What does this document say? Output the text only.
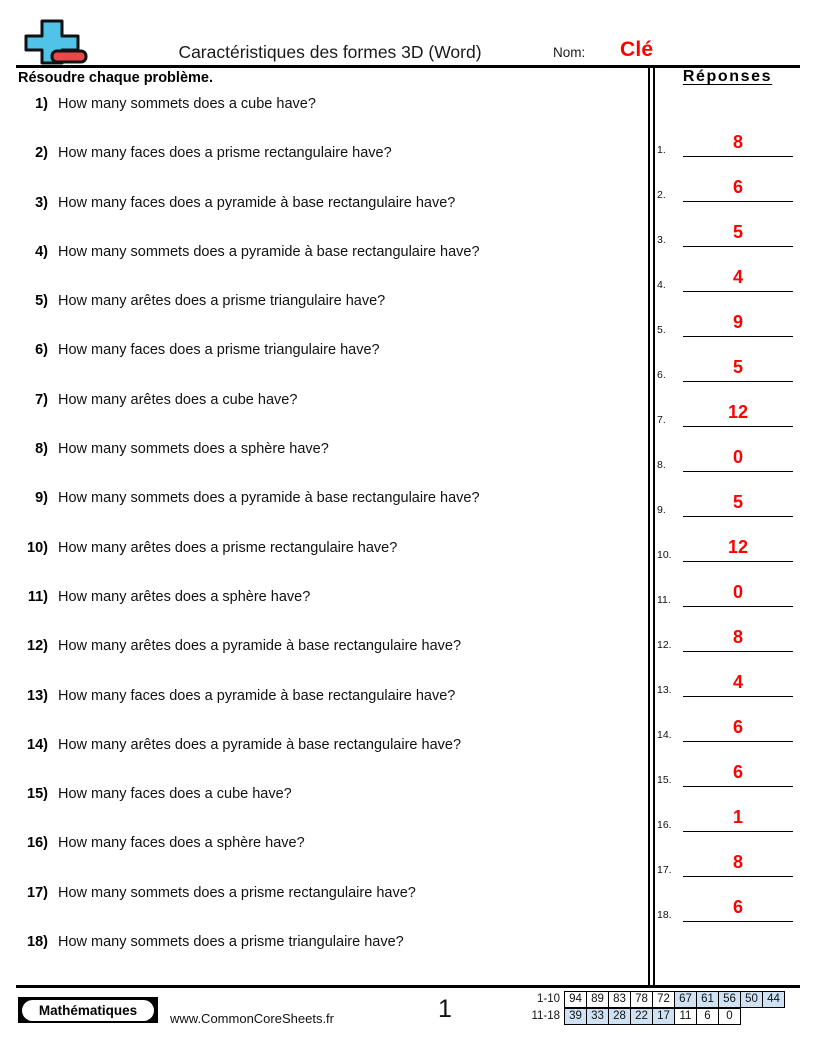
Caractéristiques des formes 3D (Word)	Nom: Clé
Résoudre chaque problème.	Réponses
1) How many sommets does a cube have?
2) How many faces does a prisme rectangulaire have?
3) How many faces does a pyramide à base rectangulaire have?
4) How many sommets does a pyramide à base rectangulaire have?
5) How many arêtes does a prisme triangulaire have?
6) How many faces does a prisme triangulaire have?
7) How many arêtes does a cube have?
8) How many sommets does a sphère have?
9) How many sommets does a pyramide à base rectangulaire have?
10) How many arêtes does a prisme rectangulaire have?
11) How many arêtes does a sphère have?
12) How many arêtes does a pyramide à base rectangulaire have?
13) How many faces does a pyramide à base rectangulaire have?
14) How many arêtes does a pyramide à base rectangulaire have?
15) How many faces does a cube have?
16) How many faces does a sphère have?
17) How many sommets does a prisme rectangulaire have?
18) How many sommets does a prisme triangulaire have?
1.	8
2.	6
3.	5
4.	4
5.	9
6.	5
7.	12
8.	0
9.	5
10.	12
11.	0
12.	8
13.	4
14.	6
15.	6
16.	1
17.	8
18.	6
Mathématiques
www.CommonCoreSheets.fr	1	1-10 94 89 83 78 72 67 61 56 50 44
11-18 39 33 28 22 17 11	6	0
